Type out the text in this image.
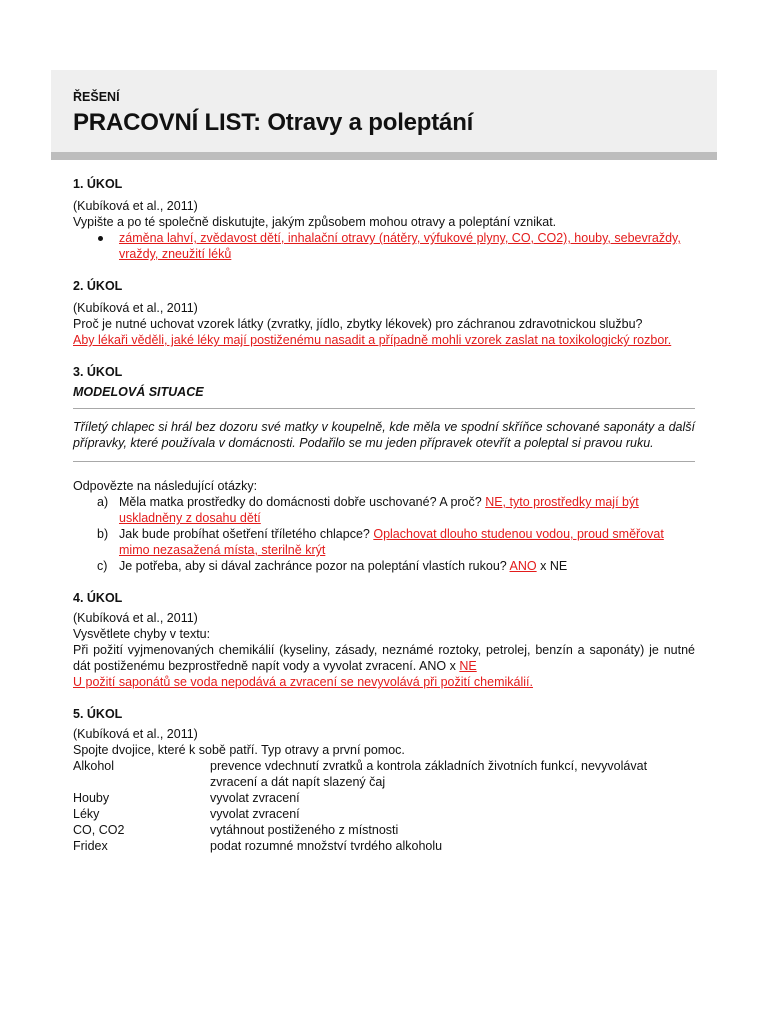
ŘEŠENÍ
PRACOVNÍ LIST: Otravy a poleptání

1. ÚKOL

(Kubíková et al., 2011)

Vypište a po té společně diskutujte, jakým způsobem mohou otravy a poleptání vznikat.

záměna lahví, zvědavost dětí, inhalační otravy (nátěry, výfukové plyny, CO, CO2), houby, sebevraždy, vraždy, zneužití léků

2. ÚKOL

(Kubíková et al., 2011)

Proč je nutné uchovat vzorek látky (zvratky, jídlo, zbytky lékovek) pro záchranou zdravotnickou službu?

Aby lékaři věděli, jaké léky mají postiženému nasadit a případně mohli vzorek zaslat na toxikologický rozbor.

3. ÚKOL

MODELOVÁ SITUACE

Tříletý chlapec si hrál bez dozoru své matky v koupelně, kde měla ve spodní skříňce schované saponáty a další přípravky, které používala v domácnosti. Podařilo se mu jeden přípravek otevřít a poleptal si pravou ruku.

Odpovězte na následující otázky:

a) Měla matka prostředky do domácnosti dobře uschované? A proč? NE, tyto prostředky mají být uskladněny z dosahu dětí
b) Jak bude probíhat ošetření tříletého chlapce? Oplachovat dlouho studenou vodou, proud směřovat mimo nezasažená místa, sterilně krýt
c) Je potřeba, aby si dával zachránce pozor na poleptání vlastích rukou? ANO x NE

4. ÚKOL

(Kubíková et al., 2011)

Vysvětlete chyby v textu:

Při požití vyjmenovaných chemikálií (kyseliny, zásady, neznámé roztoky, petrolej, benzín a saponáty) je nutné dát postiženému bezprostředně napít vody a vyvolat zvracení. ANO x NE

U požití saponátů se voda nepodává a zvracení se nevyvolává při požití chemikálií.

5. ÚKOL

(Kubíková et al., 2011)

Spojte dvojice, které k sobě patří. Typ otravy a první pomoc.

Alkohol	prevence vdechnutí zvratků a kontrola základních životních funkcí, nevyvolávat zvracení a dát napít slazený čaj
Houby	vyvolat zvracení
Léky	vyvolat zvracení
CO, CO2	vytáhnout postiženého z místnosti
Fridex	podat rozumné množství tvrdého alkoholu
